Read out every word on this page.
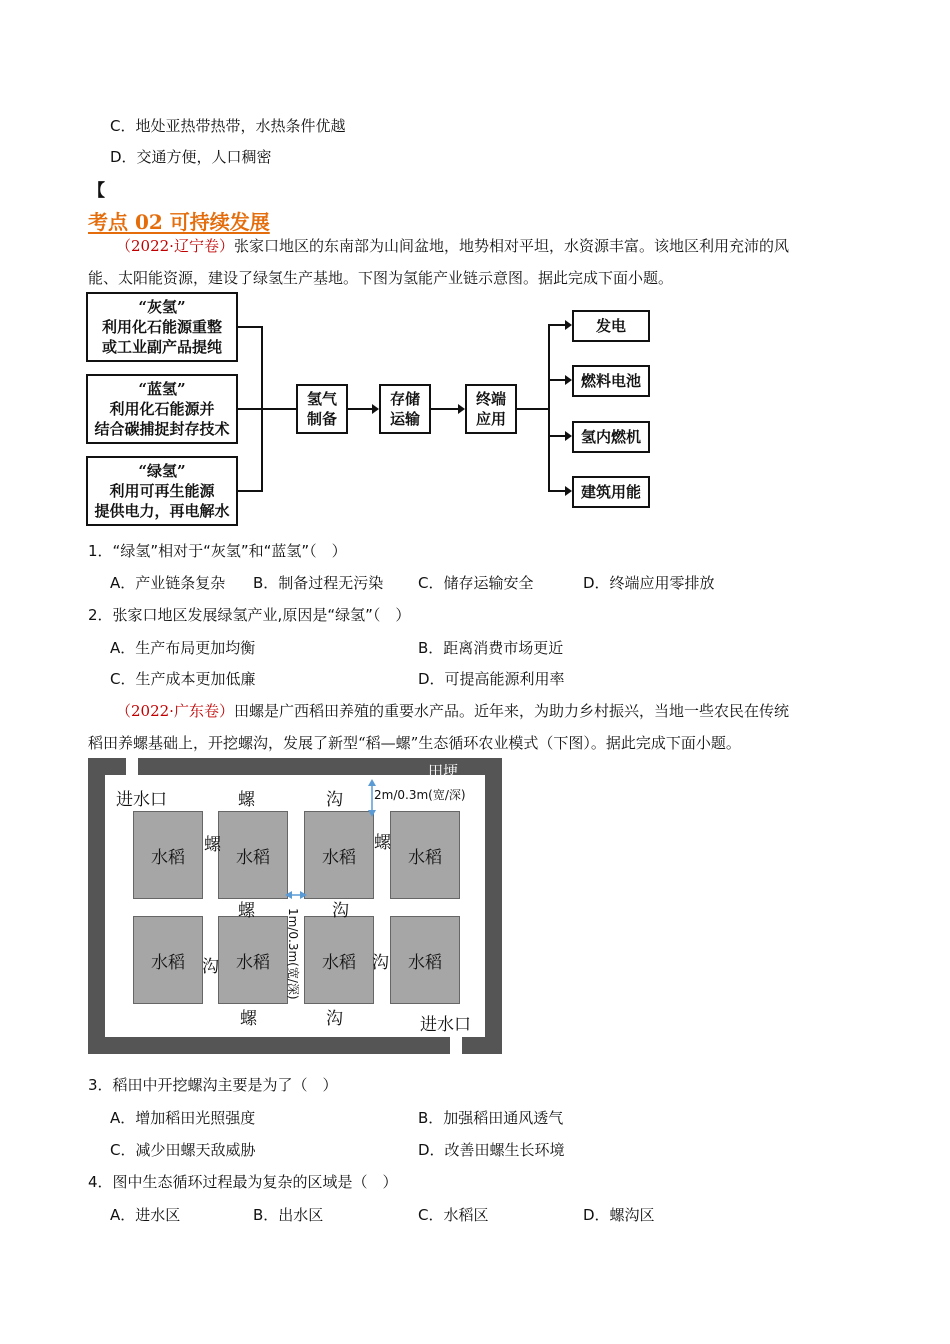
C．地处亚热带热带，水热条件优越
D．交通方便，人口稠密
【
考点 02 可持续发展
（2022·辽宁卷）张家口地区的东南部为山间盆地，地势相对平坦，水资源丰富。该地区利用充沛的风
能、太阳能资源，建设了绿氢生产基地。下图为氢能产业链示意图。据此完成下面小题。
“灰氢”
利用化石能源重整
或工业副产品提纯
“蓝氢”
利用化石能源并
结合碳捕捉封存技术
“绿氢”
利用可再生能源
提供电力，再电解水
氢气
制备
存储
运输
终端
应用
发电
燃料电池
氢内燃机
建筑用能
1．“绿氢”相对于“灰氢”和“蓝氢”（　）
A．产业链条复杂 B．制备过程无污染 C．储存运输安全	D．终端应用零排放
2．张家口地区发展绿氢产业,原因是“绿氢”（　）
A．生产布局更加均衡	B．距离消费市场更近
C．生产成本更加低廉	D．可提高能源利用率
（2022·广东卷）田螺是广西稻田养殖的重要水产品。近年来，为助力乡村振兴，当地一些农民在传统
稻田养螺基础上，开挖螺沟，发展了新型“稻—螺”生态循环农业模式（下图）。据此完成下面小题。
水稻	水稻	水稻	水稻
水稻	水稻	水稻	水稻
田埂
进水口	螺	沟
螺	螺
螺	沟
沟	沟
螺	沟	进水口
2m/0.3m(宽/深)
1m/0.3m(宽/深)
3．稻田中开挖螺沟主要是为了（　）
A．增加稻田光照强度	B．加强稻田通风透气
C．减少田螺天敌威胁	D．改善田螺生长环境
4．图中生态循环过程最为复杂的区域是（　）
A．进水区	B．出水区	C．水稻区	D．螺沟区
